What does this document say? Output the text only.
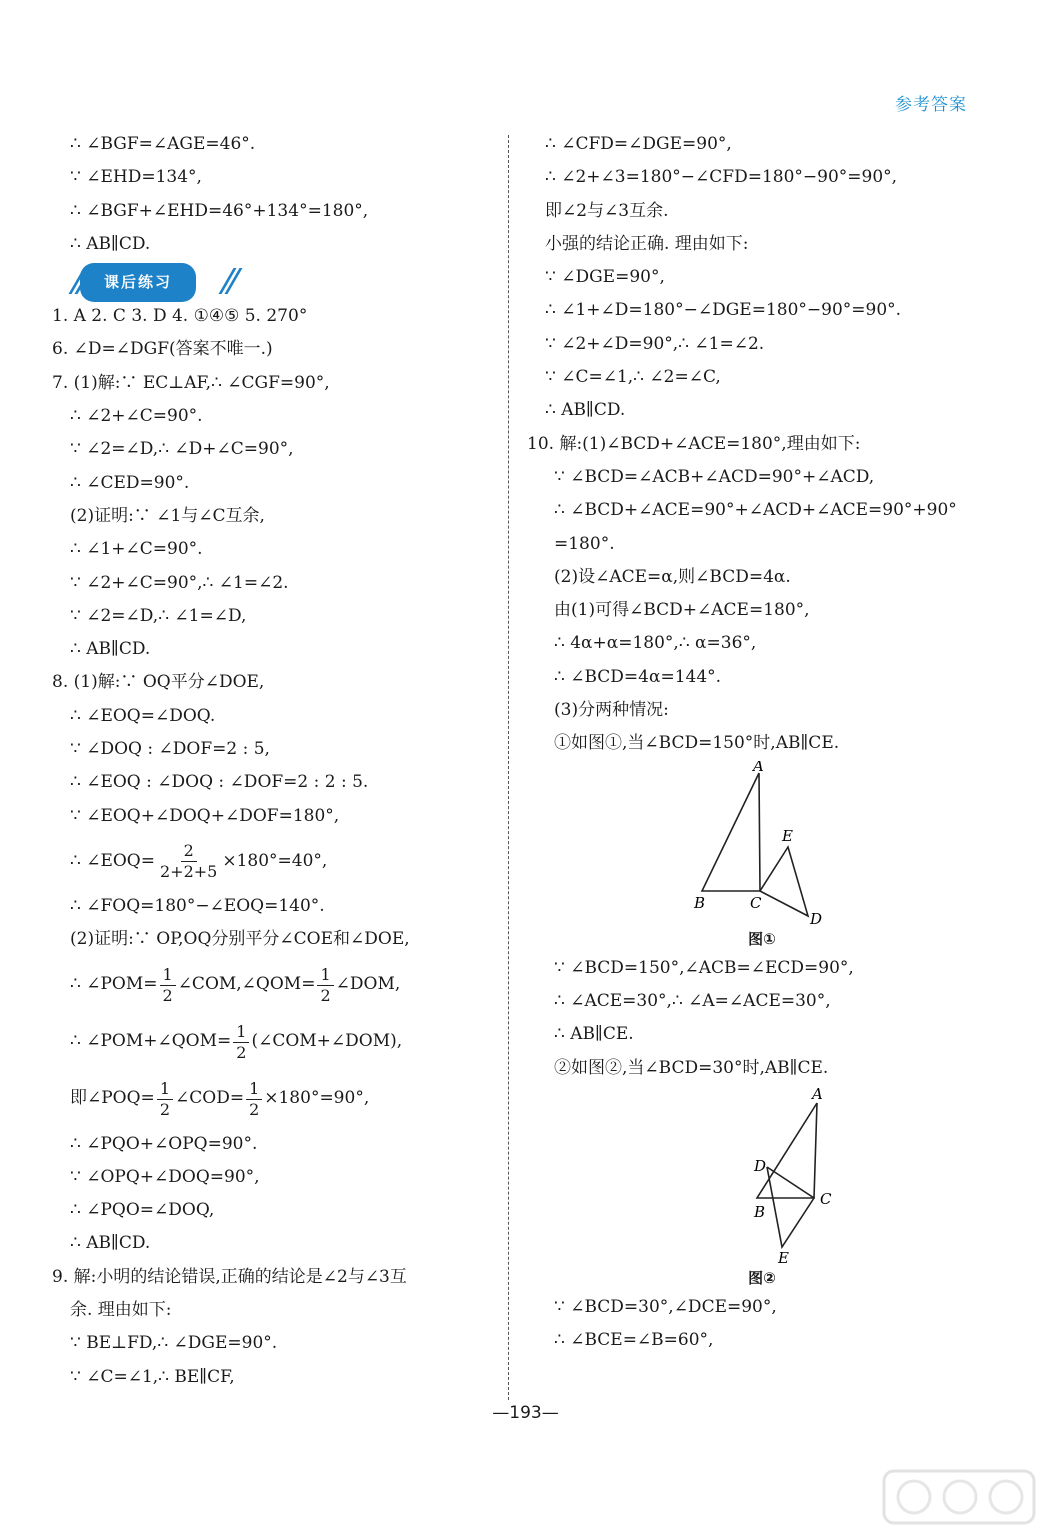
参考答案
∴ ∠BGF=∠AGE=46°.
∵ ∠EHD=134°,
∴ ∠BGF+∠EHD=46°+134°=180°,
∴ AB∥CD.
课后练习
1. A 2. C 3. D 4. ①④⑤ 5. 270°
6. ∠D=∠DGF(答案不唯一.)
7. (1)解:∵ EC⊥AF,∴ ∠CGF=90°,
∴ ∠2+∠C=90°.
∵ ∠2=∠D,∴ ∠D+∠C=90°,
∴ ∠CED=90°.
(2)证明:∵ ∠1与∠C互余,
∴ ∠1+∠C=90°.
∵ ∠2+∠C=90°,∴ ∠1=∠2.
∵ ∠2=∠D,∴ ∠1=∠D,
∴ AB∥CD.
8. (1)解:∵ OQ平分∠DOE,
∴ ∠EOQ=∠DOQ.
∵ ∠DOQ : ∠DOF=2 : 5,
∴ ∠EOQ : ∠DOQ : ∠DOF=2 : 2 : 5.
∵ ∠EOQ+∠DOQ+∠DOF=180°,
∴ ∠EOQ= $\frac{2}{2+2+5} \times 180^\circ=40^\circ$,
∴ ∠FOQ=180°−∠EOQ=140°.
(2)证明:∵ OP,OQ分别平分∠COE和∠DOE,
∴ ∠POM= $\frac{1}{2}$ ∠COM,∠QOM= $\frac{1}{2}$ ∠DOM,
∴ ∠POM+∠QOM= $\frac{1}{2}$ (∠COM+∠DOM),
即∠POQ= $\frac{1}{2}$ ∠COD= $\frac{1}{2} \times 180^\circ=90^\circ$,
∴ ∠PQO+∠OPQ=90°.
∵ ∠OPQ+∠DOQ=90°,
∴ ∠PQO=∠DOQ,
∴ AB∥CD.
9. 解:小明的结论错误,正确的结论是∠2与∠3互
余. 理由如下:
∵ BE⊥FD,∴ ∠DGE=90°.
∵ ∠C=∠1,∴ BE∥CF,
∴ ∠CFD=∠DGE=90°,
∴ ∠2+∠3=180°−∠CFD=180°−90°=90°,
即∠2与∠3互余.
小强的结论正确. 理由如下:
∵ ∠DGE=90°,
∴ ∠1+∠D=180°−∠DGE=180°−90°=90°.
∵ ∠2+∠D=90°,∴ ∠1=∠2.
∵ ∠C=∠1,∴ ∠2=∠C,
∴ AB∥CD.
10. 解:(1)∠BCD+∠ACE=180°,理由如下:
∵ ∠BCD=∠ACB+∠ACD=90°+∠ACD,
∴ ∠BCD+∠ACE=90°+∠ACD+∠ACE=90°+90°
=180°.
(2)设∠ACE=α,则∠BCD=4α.
由(1)可得∠BCD+∠ACE=180°,
∴ 4α+α=180°,∴ α=36°,
∴ ∠BCD=4α=144°.
(3)分两种情况:
①如图①,当∠BCD=150°时,AB∥CE.
A
B	C
D
E
图①
∵ ∠BCD=150°,∠ACB=∠ECD=90°,
∴ ∠ACE=30°,∴ ∠A=∠ACE=30°,
∴ AB∥CE.
②如图②,当∠BCD=30°时,AB∥CE.
A
B
C
D
E
图②
∵ ∠BCD=30°,∠DCE=90°,
∴ ∠BCE=∠B=60°,
—193—
